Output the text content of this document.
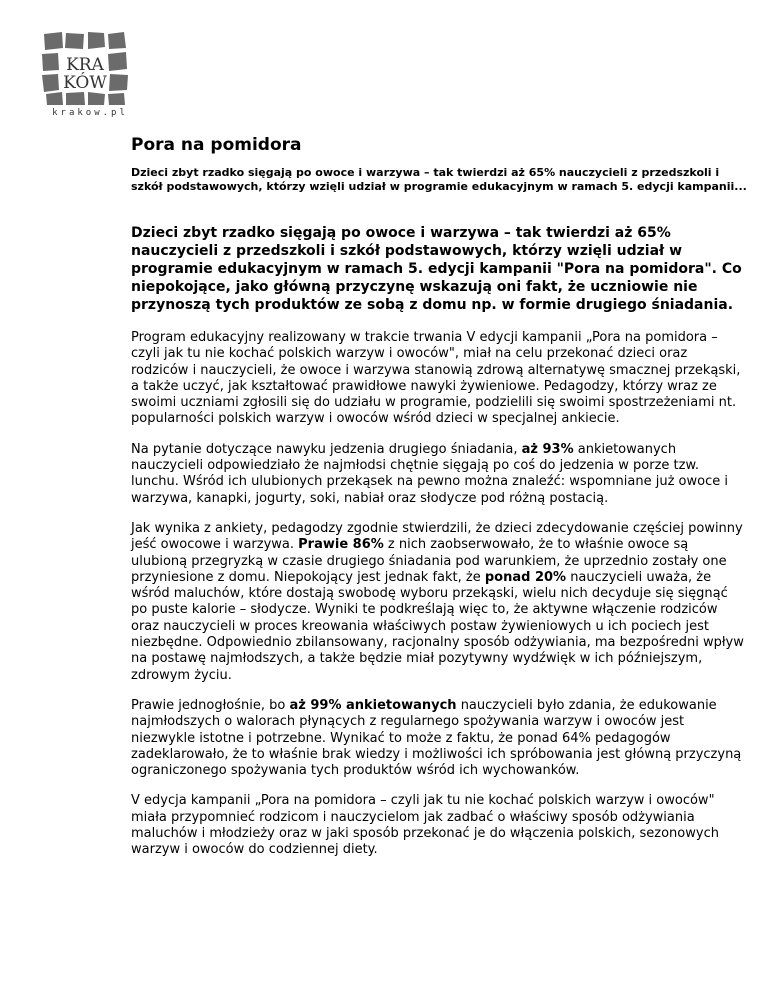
KRA
KÓW
krakow.pl
Pora na pomidora

Dzieci zbyt rzadko sięgają po owoce i warzywa – tak twierdzi aż 65% nauczycieli z przedszkoli i szkół podstawowych, którzy wzięli udział w programie edukacyjnym w ramach 5. edycji kampanii...

Dzieci zbyt rzadko sięgają po owoce i warzywa – tak twierdzi aż 65% nauczycieli z przedszkoli i szkół podstawowych, którzy wzięli udział w programie edukacyjnym w ramach 5. edycji kampanii "Pora na pomidora". Co niepokojące, jako główną przyczynę wskazują oni fakt, że uczniowie nie przynoszą tych produktów ze sobą z domu np. w formie drugiego śniadania.

Program edukacyjny realizowany w trakcie trwania V edycji kampanii „Pora na pomidora – czyli jak tu nie kochać polskich warzyw i owoców", miał na celu przekonać dzieci oraz rodziców i nauczycieli, że owoce i warzywa stanowią zdrową alternatywę smacznej przekąski, a także uczyć, jak kształtować prawidłowe nawyki żywieniowe. Pedagodzy, którzy wraz ze swoimi uczniami zgłosili się do udziału w programie, podzielili się swoimi spostrzeżeniami nt. popularności polskich warzyw i owoców wśród dzieci w specjalnej ankiecie.

Na pytanie dotyczące nawyku jedzenia drugiego śniadania, aż 93% ankietowanych nauczycieli odpowiedziało że najmłodsi chętnie sięgają po coś do jedzenia w porze tzw. lunchu. Wśród ich ulubionych przekąsek na pewno można znaleźć: wspomniane już owoce i warzywa, kanapki, jogurty, soki, nabiał oraz słodycze pod różną postacią.

Jak wynika z ankiety, pedagodzy zgodnie stwierdzili, że dzieci zdecydowanie częściej powinny jeść owocowe i warzywa. Prawie 86% z nich zaobserwowało, że to właśnie owoce są ulubioną przegryzką w czasie drugiego śniadania pod warunkiem, że uprzednio zostały one przyniesione z domu. Niepokojący jest jednak fakt, że ponad 20% nauczycieli uważa, że wśród maluchów, które dostają swobodę wyboru przekąski, wielu nich decyduje się sięgnąć po puste kalorie – słodycze. Wyniki te podkreślają więc to, że aktywne włączenie rodziców oraz nauczycieli w proces kreowania właściwych postaw żywieniowych u ich pociech jest niezbędne. Odpowiednio zbilansowany, racjonalny sposób odżywiania, ma bezpośredni wpływ na postawę najmłodszych, a także będzie miał pozytywny wydźwięk w ich późniejszym, zdrowym życiu.

Prawie jednogłośnie, bo aż 99% ankietowanych nauczycieli było zdania, że edukowanie najmłodszych o walorach płynących z regularnego spożywania warzyw i owoców jest niezwykle istotne i potrzebne. Wynikać to może z faktu, że ponad 64% pedagogów zadeklarowało, że to właśnie brak wiedzy i możliwości ich spróbowania jest główną przyczyną ograniczonego spożywania tych produktów wśród ich wychowanków.

V edycja kampanii „Pora na pomidora – czyli jak tu nie kochać polskich warzyw i owoców" miała przypomnieć rodzicom i nauczycielom jak zadbać o właściwy sposób odżywiania maluchów i młodzieży oraz w jaki sposób przekonać je do włączenia polskich, sezonowych warzyw i owoców do codziennej diety.
